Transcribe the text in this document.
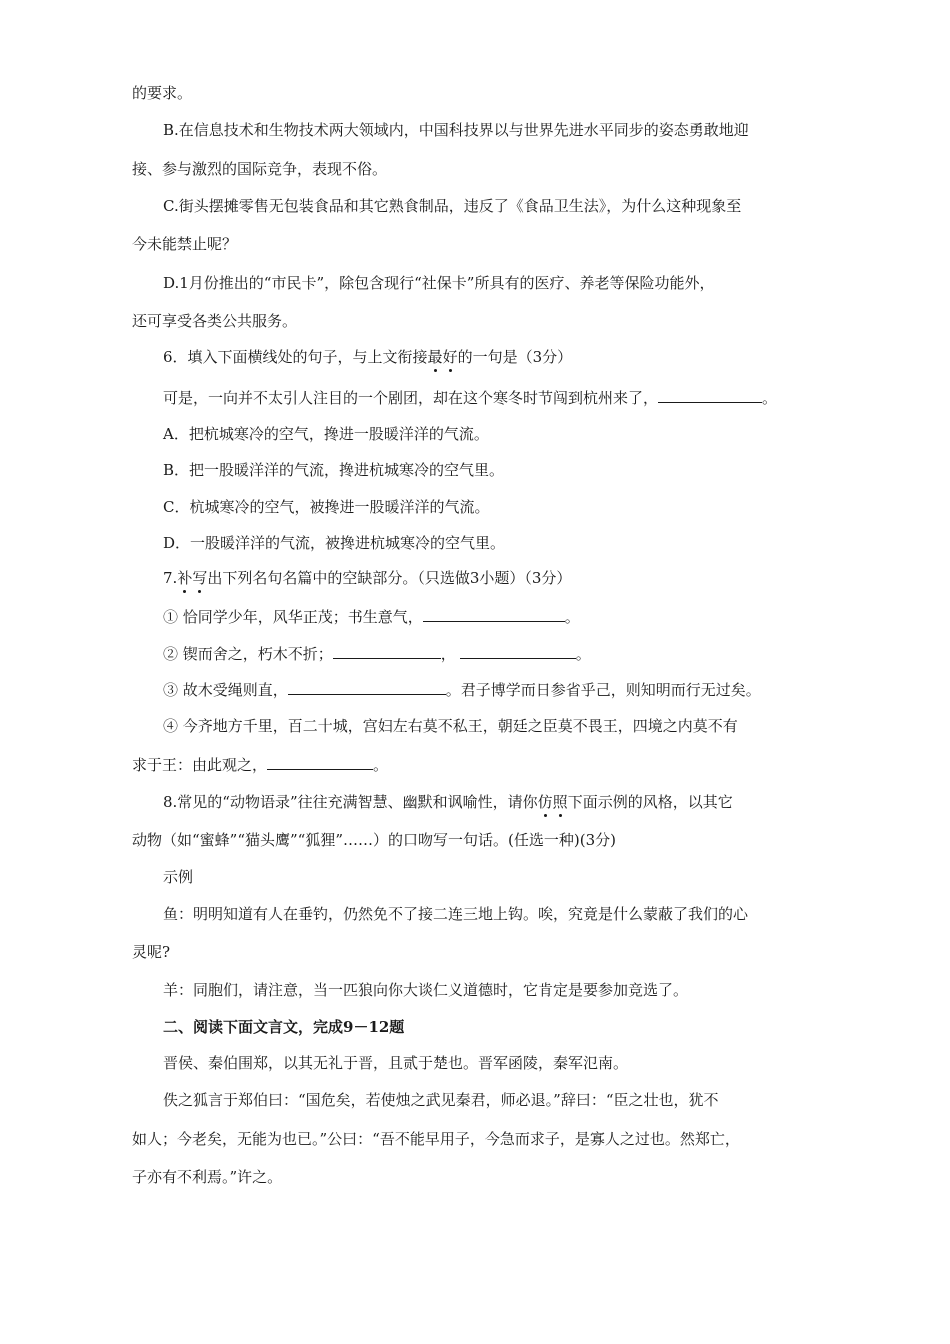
的要求。
B.在信息技术和生物技术两大领域内，中国科技界以与世界先进水平同步的姿态勇敢地迎
接、参与激烈的国际竞争，表现不俗。
C.街头摆摊零售无包装食品和其它熟食制品，违反了《食品卫生法》，为什么这种现象至
今未能禁止呢？
D.1月份推出的“市民卡”，除包含现行“社保卡”所具有的医疗、养老等保险功能外，
还可享受各类公共服务。
6．填入下面横线处的句子，与上文衔接最好的一句是（3分）
可是，一向并不太引人注目的一个剧团，却在这个寒冬时节闯到杭州来了，	。
A．把杭城寒冷的空气，搀进一股暖洋洋的气流。
B．把一股暖洋洋的气流，搀进杭城寒冷的空气里。
C．杭城寒冷的空气，被搀进一股暖洋洋的气流。
D．一股暖洋洋的气流，被搀进杭城寒冷的空气里。
7.补写出下列名句名篇中的空缺部分。（只选做3小题）（3分）
① 恰同学少年，风华正茂；书生意气，	。
② 锲而舍之，朽木不折；	，	。
③ 故木受绳则直，	。君子博学而日参省乎己，则知明而行无过矣。
④ 今齐地方千里，百二十城，宫妇左右莫不私王，朝廷之臣莫不畏王，四境之内莫不有
求于王：由此观之，	。
8.常见的“动物语录”往往充满智慧、幽默和讽喻性，请你仿照下面示例的风格，以其它
动物（如“蜜蜂”“猫头鹰”“狐狸”……）的口吻写一句话。(任选一种)(3分)
示例
鱼：明明知道有人在垂钓，仍然免不了接二连三地上钩。唉，究竟是什么蒙蔽了我们的心
灵呢?
羊：同胞们，请注意，当一匹狼向你大谈仁义道德时，它肯定是要参加竞选了。
二、阅读下面文言文，完成9－12题
晋侯、秦伯围郑，以其无礼于晋，且贰于楚也。晋军函陵，秦军氾南。
佚之狐言于郑伯曰：“国危矣，若使烛之武见秦君，师必退。”辞曰：“臣之壮也，犹不
如人；今老矣，无能为也已。”公曰：“吾不能早用子，今急而求子，是寡人之过也。然郑亡，
子亦有不利焉。”许之。
